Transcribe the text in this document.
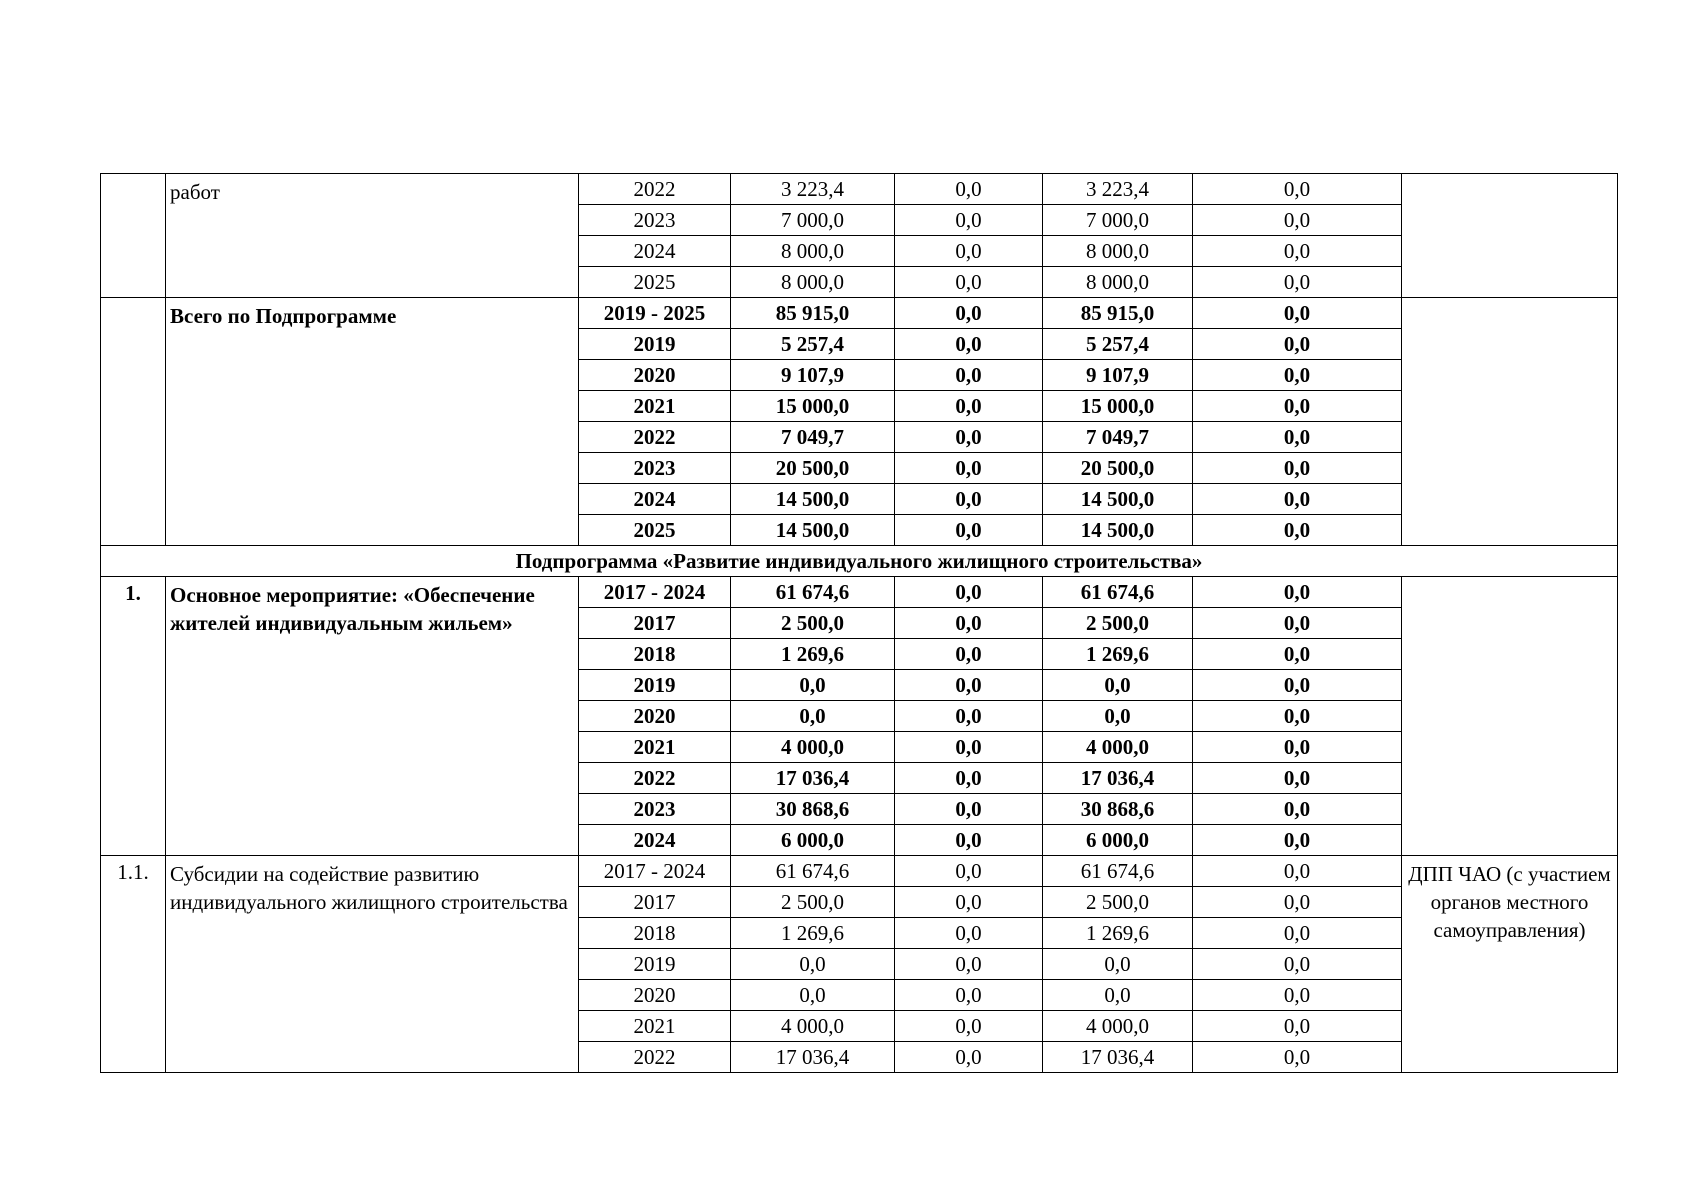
	работ	2022	3 223,4	0,0	3 223,4	0,0	
		2023	7 000,0	0,0	7 000,0	0,0	
		2024	8 000,0	0,0	8 000,0	0,0	
		2025	8 000,0	0,0	8 000,0	0,0	
	Всего по Подпрограмме	2019 - 2025	85 915,0	0,0	85 915,0	0,0	
		2019	5 257,4	0,0	5 257,4	0,0	
		2020	9 107,9	0,0	9 107,9	0,0	
		2021	15 000,0	0,0	15 000,0	0,0	
		2022	7 049,7	0,0	7 049,7	0,0	
		2023	20 500,0	0,0	20 500,0	0,0	
		2024	14 500,0	0,0	14 500,0	0,0	
		2025	14 500,0	0,0	14 500,0	0,0	
Подпрограмма «Развитие индивидуального жилищного строительства»							
1.	Основное мероприятие: «Обеспечение жителей индивидуальным жильем»	2017 - 2024	61 674,6	0,0	61 674,6	0,0	
		2017	2 500,0	0,0	2 500,0	0,0	
		2018	1 269,6	0,0	1 269,6	0,0	
		2019	0,0	0,0	0,0	0,0	
		2020	0,0	0,0	0,0	0,0	
		2021	4 000,0	0,0	4 000,0	0,0	
		2022	17 036,4	0,0	17 036,4	0,0	
		2023	30 868,6	0,0	30 868,6	0,0	
		2024	6 000,0	0,0	6 000,0	0,0	
1.1.	Субсидии на содействие развитию индивидуального жилищного строительства	2017 - 2024	61 674,6	0,0	61 674,6	0,0	ДПП ЧАО (с участием органов местного самоуправления)
		2017	2 500,0	0,0	2 500,0	0,0	
		2018	1 269,6	0,0	1 269,6	0,0	
		2019	0,0	0,0	0,0	0,0	
		2020	0,0	0,0	0,0	0,0	
		2021	4 000,0	0,0	4 000,0	0,0	
		2022	17 036,4	0,0	17 036,4	0,0	
